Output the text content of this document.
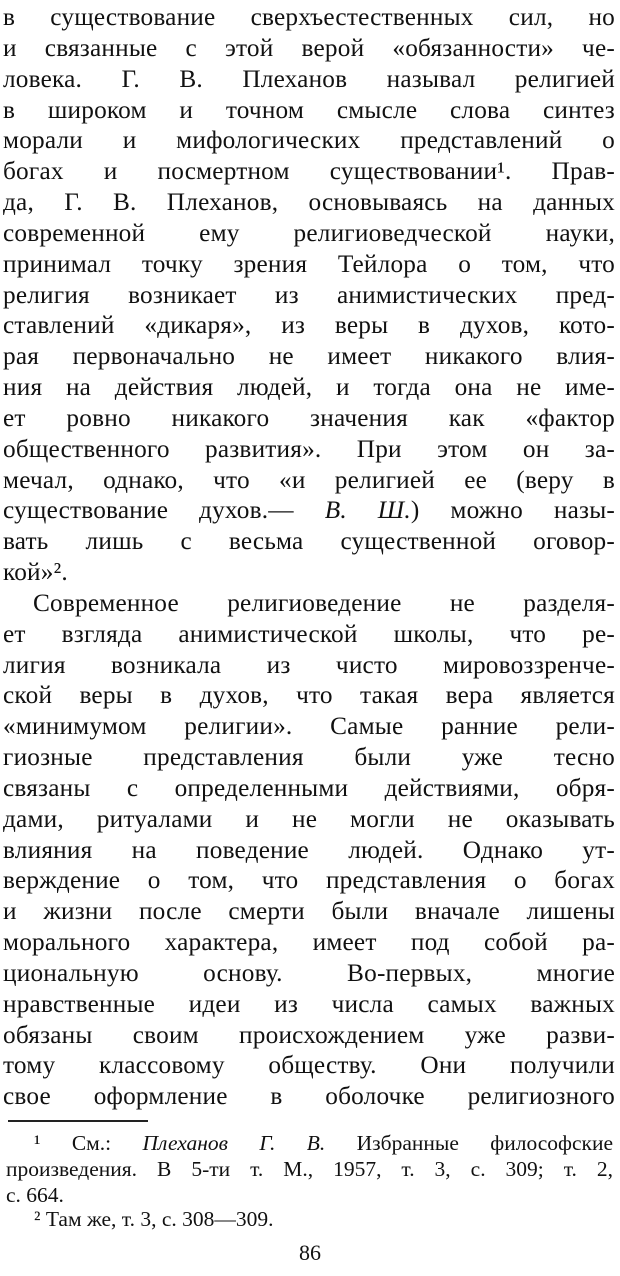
в существование сверхъестественных сил, но
и связанные с этой верой «обязанности» че-
ловека. Г. В. Плеханов называл религией
в широком и точном смысле слова синтез
морали и мифологических представлений о
богах и посмертном существовании¹. Прав-
да, Г. В. Плеханов, основываясь на данных
современной ему религиоведческой науки,
принимал точку зрения Тейлора о том, что
религия возникает из анимистических пред-
ставлений «дикаря», из веры в духов, кото-
рая первоначально не имеет никакого влия-
ния на действия людей, и тогда она не име-
ет ровно никакого значения как «фактор
общественного развития». При этом он за-
мечал, однако, что «и религией ее (веру в
существование духов.— В. Ш.) можно назы-
вать лишь с весьма существенной оговор-
кой»².
Современное религиоведение не разделя-
ет взгляда анимистической школы, что ре-
лигия возникала из чисто мировоззренче-
ской веры в духов, что такая вера является
«минимумом религии». Самые ранние рели-
гиозные представления были уже тесно
связаны с определенными действиями, обря-
дами, ритуалами и не могли не оказывать
влияния на поведение людей. Однако ут-
верждение о том, что представления о богах
и жизни после смерти были вначале лишены
морального характера, имеет под собой ра-
циональную основу. Во-первых, многие
нравственные идеи из числа самых важных
обязаны своим происхождением уже разви-
тому классовому обществу. Они получили
свое оформление в оболочке религиозного
¹ См.: Плеханов Г. В. Избранные философские
произведения. В 5-ти т. М., 1957, т. 3, с. 309; т. 2,
с. 664.
² Там же, т. 3, с. 308—309.
86
